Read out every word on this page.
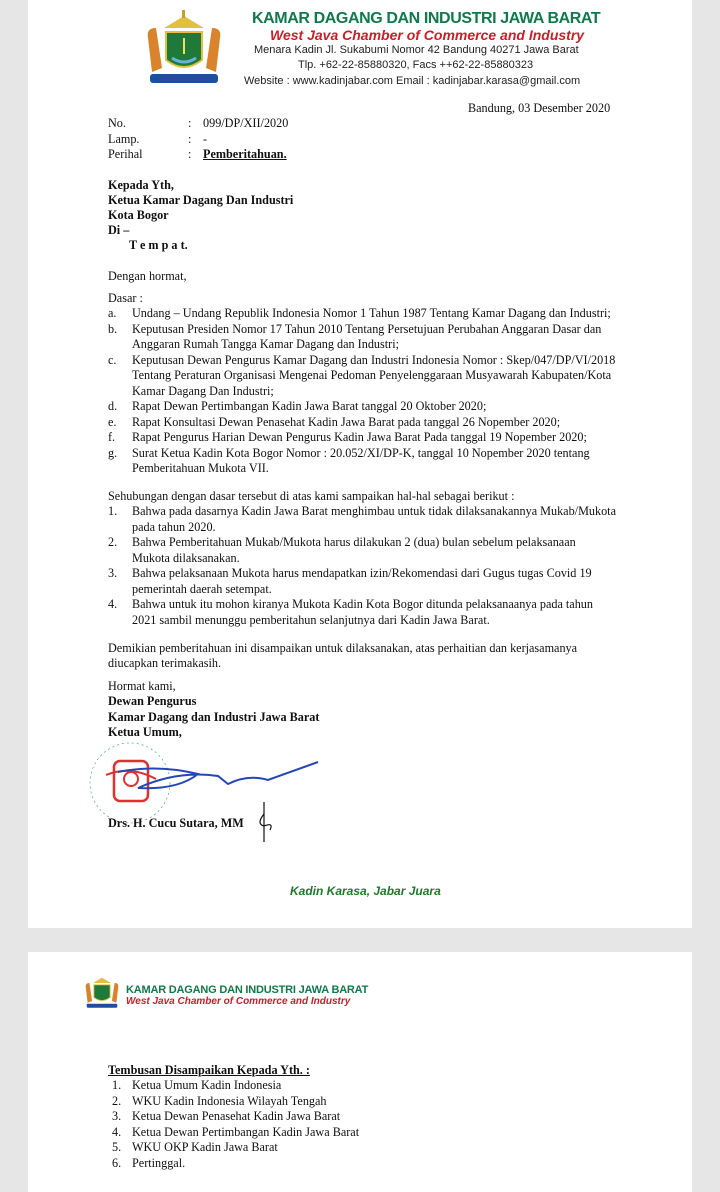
KAMAR DAGANG DAN INDUSTRI JAWA BARAT
West Java Chamber of Commerce and Industry
Menara Kadin Jl. Sukabumi Nomor 42 Bandung 40271 Jawa Barat
Tlp. +62-22-85880320, Facs ++62-22-85880323
Website : www.kadinjabar.com Email : kadinjabar.karasa@gmail.com
Bandung, 03 Desember 2020
Kepada Yth,
Ketua Kamar Dagang Dan Industri
Kota Bogor
Di –
T e m p a t.
Dengan hormat,
Dasar :
Sehubungan dengan dasar tersebut di atas kami sampaikan hal-hal sebagai berikut :
Demikian pemberitahuan ini disampaikan untuk dilaksanakan, atas perhaitian dan kerjasamanya
diucapkan terimakasih.
Hormat kami,
Dewan Pengurus
Kamar Dagang dan Industri Jawa Barat
Ketua Umum,
Drs. H. Cucu Sutara, MM
Kadin Karasa, Jabar Juara
No.	: 099/DP/XII/2020
Lamp.	: -
Perihal	: Pemberitahuan.
a. Undang – Undang Republik Indonesia Nomor 1 Tahun 1987 Tentang Kamar Dagang dan Industri;
b. Keputusan Presiden Nomor 17 Tahun 2010 Tentang Persetujuan Perubahan Anggaran Dasar dan
Anggaran Rumah Tangga Kamar Dagang dan Industri;
c. Keputusan Dewan Pengurus Kamar Dagang dan Industri Indonesia Nomor : Skep/047/DP/VI/2018
Tentang Peraturan Organisasi Mengenai Pedoman Penyelenggaraan Musyawarah Kabupaten/Kota
Kamar Dagang Dan Industri;
d. Rapat Dewan Pertimbangan Kadin Jawa Barat tanggal 20 Oktober 2020;
e. Rapat Konsultasi Dewan Penasehat Kadin Jawa Barat pada tanggal 26 Nopember 2020;
f. Rapat Pengurus Harian Dewan Pengurus Kadin Jawa Barat Pada tanggal 19 Nopember 2020;
g. Surat Ketua Kadin Kota Bogor Nomor : 20.052/XI/DP-K, tanggal 10 Nopember 2020 tentang
Pemberitahuan Mukota VII.
1. Bahwa pada dasarnya Kadin Jawa Barat menghimbau untuk tidak dilaksanakannya Mukab/Mukota
pada tahun 2020.
2. Bahwa Pemberitahuan Mukab/Mukota harus dilakukan 2 (dua) bulan sebelum pelaksanaan
Mukota dilaksanakan.
3. Bahwa pelaksanaan Mukota harus mendapatkan izin/Rekomendasi dari Gugus tugas Covid 19
pemerintah daerah setempat.
4. Bahwa untuk itu mohon kiranya Mukota Kadin Kota Bogor ditunda pelaksanaanya pada tahun
2021 sambil menunggu pemberitahun selanjutnya dari Kadin Jawa Barat.
KAMAR DAGANG DAN INDUSTRI JAWA BARAT
West Java Chamber of Commerce and Industry
Tembusan Disampaikan Kepada Yth. :
1. Ketua Umum Kadin Indonesia
2. WKU Kadin Indonesia Wilayah Tengah
3. Ketua Dewan Penasehat Kadin Jawa Barat
4. Ketua Dewan Pertimbangan Kadin Jawa Barat
5. WKU OKP Kadin Jawa Barat
6. Pertinggal.
